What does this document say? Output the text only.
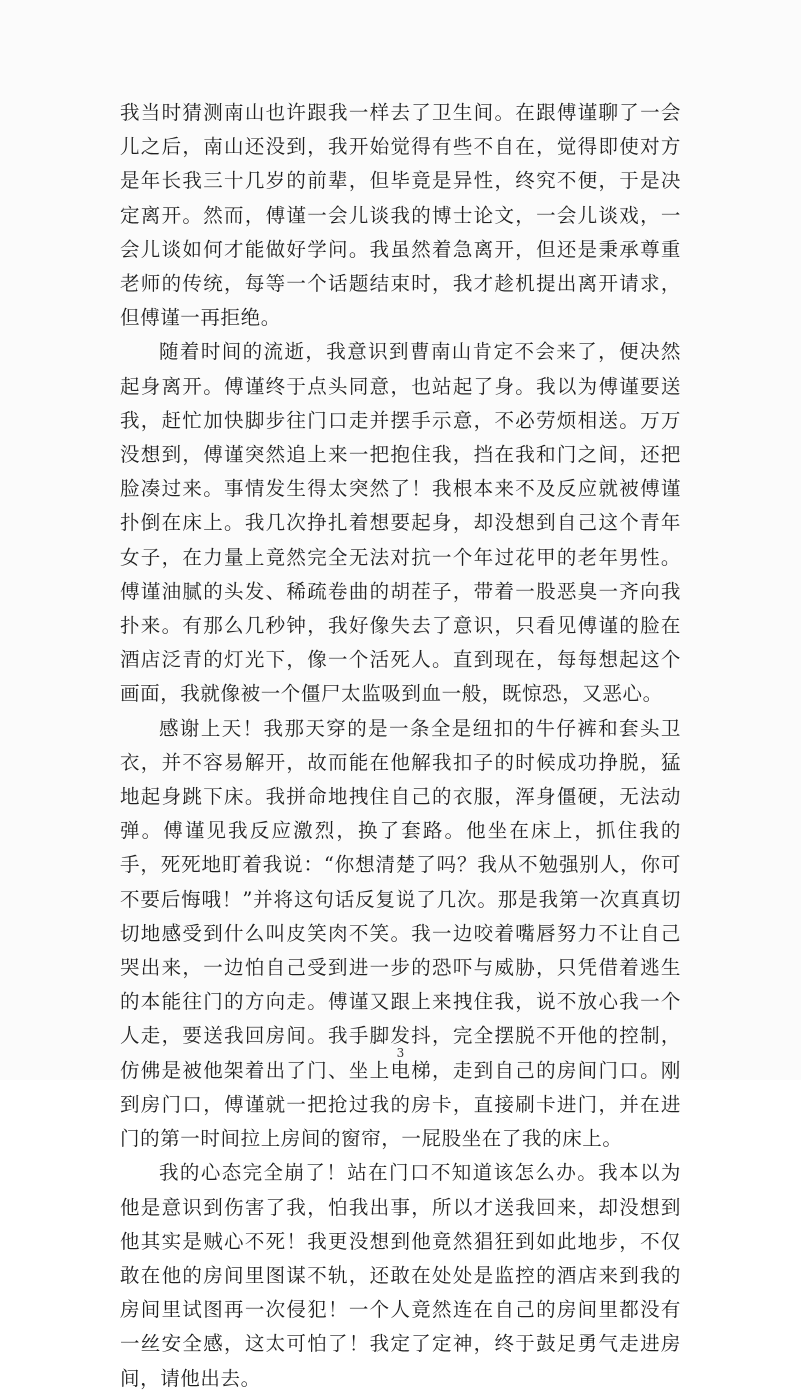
我当时猜测南山也许跟我一样去了卫生间。在跟傅谨聊了一会儿之后，南山还没到，我开始觉得有些不自在，觉得即使对方是年长我三十几岁的前辈，但毕竟是异性，终究不便，于是决定离开。然而，傅谨一会儿谈我的博士论文，一会儿谈戏，一会儿谈如何才能做好学问。我虽然着急离开，但还是秉承尊重老师的传统，每等一个话题结束时，我才趁机提出离开请求，但傅谨一再拒绝。

随着时间的流逝，我意识到曹南山肯定不会来了，便决然起身离开。傅谨终于点头同意，也站起了身。我以为傅谨要送我，赶忙加快脚步往门口走并摆手示意，不必劳烦相送。万万没想到，傅谨突然追上来一把抱住我，挡在我和门之间，还把脸凑过来。事情发生得太突然了！我根本来不及反应就被傅谨扑倒在床上。我几次挣扎着想要起身，却没想到自己这个青年女子，在力量上竟然完全无法对抗一个年过花甲的老年男性。傅谨油腻的头发、稀疏卷曲的胡茬子，带着一股恶臭一齐向我扑来。有那么几秒钟，我好像失去了意识，只看见傅谨的脸在酒店泛青的灯光下，像一个活死人。直到现在，每每想起这个画面，我就像被一个僵尸太监吸到血一般，既惊恐，又恶心。

感谢上天！我那天穿的是一条全是纽扣的牛仔裤和套头卫衣，并不容易解开，故而能在他解我扣子的时候成功挣脱，猛地起身跳下床。我拼命地拽住自己的衣服，浑身僵硬，无法动弹。傅谨见我反应激烈，换了套路。他坐在床上，抓住我的手，死死地盯着我说：“你想清楚了吗？我从不勉强别人，你可不要后悔哦！”并将这句话反复说了几次。那是我第一次真真切切地感受到什么叫皮笑肉不笑。我一边咬着嘴唇努力不让自己哭出来，一边怕自己受到进一步的恐吓与威胁，只凭借着逃生的本能往门的方向走。傅谨又跟上来拽住我，说不放心我一个人走，要送我回房间。我手脚发抖，完全摆脱不开他的控制，仿佛是被他架着出了门、坐上电梯，走到自己的房间门口。刚到房门口，傅谨就一把抢过我的房卡，直接刷卡进门，并在进门的第一时间拉上房间的窗帘，一屁股坐在了我的床上。

我的心态完全崩了！站在门口不知道该怎么办。我本以为他是意识到伤害了我，怕我出事，所以才送我回来，却没想到他其实是贼心不死！我更没想到他竟然猖狂到如此地步，不仅敢在他的房间里图谋不轨，还敢在处处是监控的酒店来到我的房间里试图再一次侵犯！一个人竟然连在自己的房间里都没有一丝安全感，这太可怕了！我定了定神，终于鼓足勇气走进房间，请他出去。

3
